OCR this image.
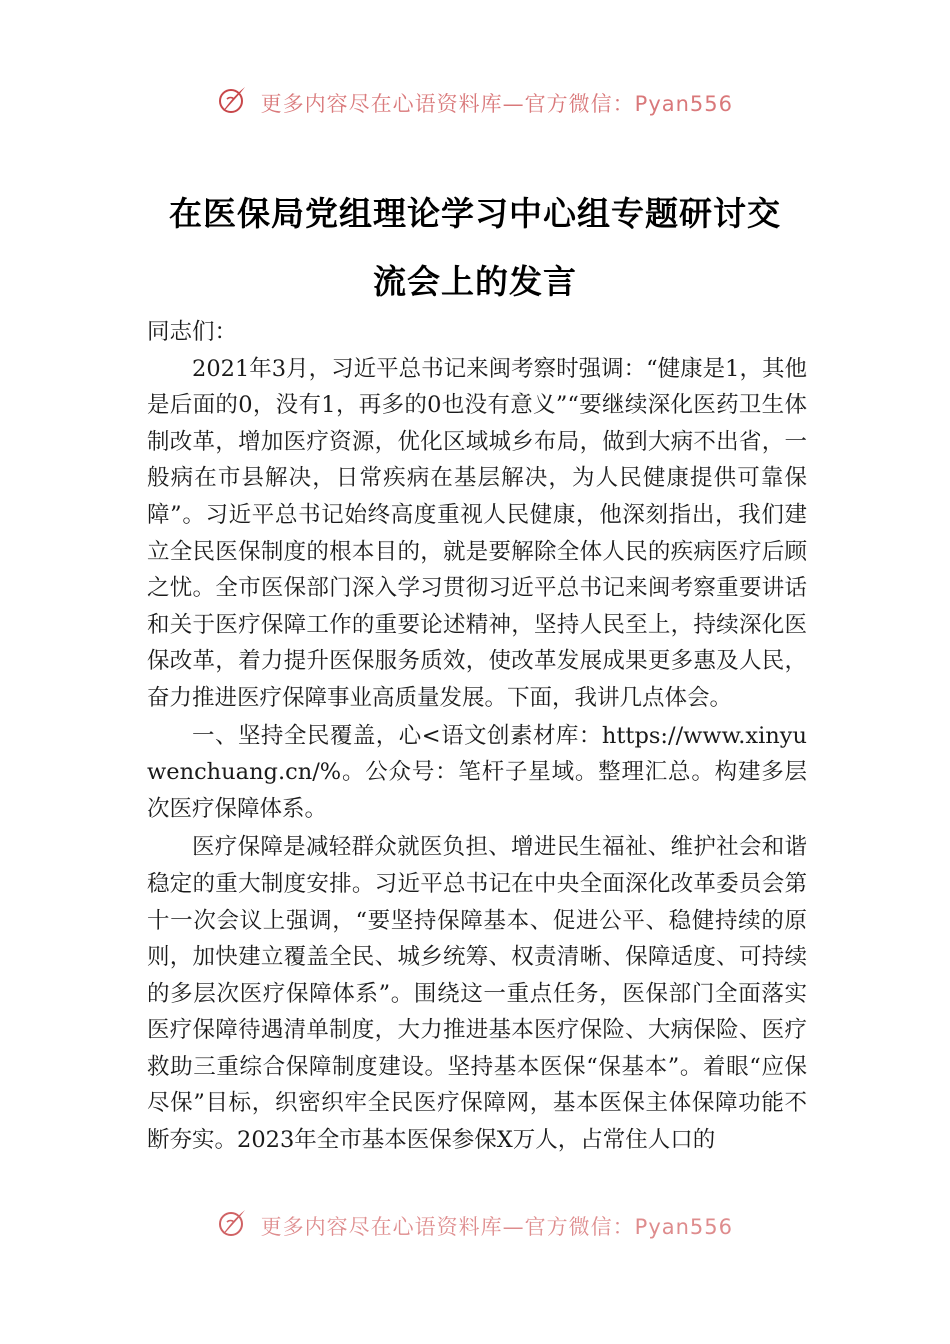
更多内容尽在心语资料库—官方微信：Pyan556
在医保局党组理论学习中心组专题研讨交
流会上的发言

同志们：

2021年3月，习近平总书记来闽考察时强调：“健康是1，其他是后面的0，没有1，再多的0也没有意义”“要继续深化医药卫生体制改革，增加医疗资源，优化区域城乡布局，做到大病不出省，一般病在市县解决，日常疾病在基层解决，为人民健康提供可靠保障”。习近平总书记始终高度重视人民健康，他深刻指出，我们建立全民医保制度的根本目的，就是要解除全体人民的疾病医疗后顾之忧。全市医保部门深入学习贯彻习近平总书记来闽考察重要讲话和关于医疗保障工作的重要论述精神，坚持人民至上，持续深化医保改革，着力提升医保服务质效，使改革发展成果更多惠及人民，奋力推进医疗保障事业高质量发展。下面，我讲几点体会。

一、坚持全民覆盖，心<语文创素材库：https://www.xinyuwenchuang.cn/%。公众号：笔杆子星域。整理汇总。构建多层次医疗保障体系。

医疗保障是减轻群众就医负担、增进民生福祉、维护社会和谐稳定的重大制度安排。习近平总书记在中央全面深化改革委员会第十一次会议上强调，“要坚持保障基本、促进公平、稳健持续的原则，加快建立覆盖全民、城乡统筹、权责清晰、保障适度、可持续的多层次医疗保障体系”。围绕这一重点任务，医保部门全面落实医疗保障待遇清单制度，大力推进基本医疗保险、大病保险、医疗救助三重综合保障制度建设。坚持基本医保“保基本”。着眼“应保尽保”目标，织密织牢全民医疗保障网，基本医保主体保障功能不断夯实。2023年全市基本医保参保X万人，占常住人口的

更多内容尽在心语资料库—官方微信：Pyan556
